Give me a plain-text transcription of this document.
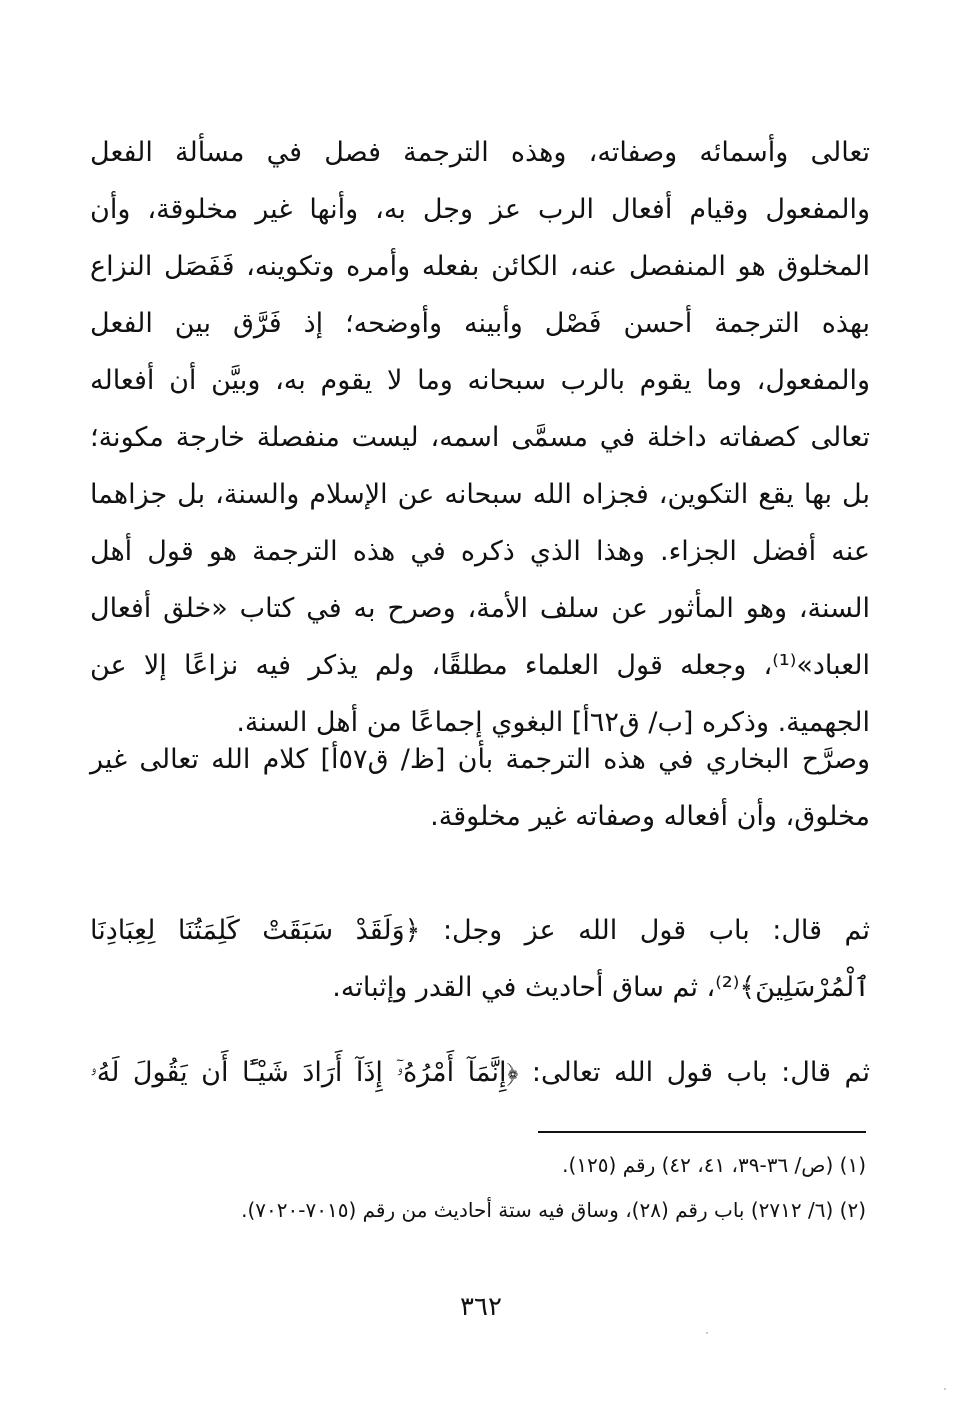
تعالى وأسمائه وصفاته، وهذه الترجمة فصل في مسألة الفعل والمفعول وقيام أفعال الرب عز وجل به، وأنها غير مخلوقة، وأن المخلوق هو المنفصل عنه، الكائن بفعله وأمره وتكوينه، فَفَصَل النزاع بهذه الترجمة أحسن فَصْل وأبينه وأوضحه؛ إذ فَرَّق بين الفعل والمفعول، وما يقوم بالرب سبحانه وما لا يقوم به، وبيَّن أن أفعاله تعالى كصفاته داخلة في مسمَّى اسمه، ليست منفصلة خارجة مكونة؛ بل بها يقع التكوين، فجزاه الله سبحانه عن الإسلام والسنة، بل جزاهما عنه أفضل الجزاء. وهذا الذي ذكره في هذه الترجمة هو قول أهل السنة، وهو المأثور عن سلف الأمة، وصرح به في كتاب «خلق أفعال العباد»⁽¹⁾، وجعله قول العلماء مطلقًا، ولم يذكر فيه نزاعًا إلا عن الجهمية. وذكره [ب/ ق٦٢أ] البغوي إجماعًا من أهل السنة.

وصرَّح البخاري في هذه الترجمة بأن [ظ/ ق٥٧أ] كلام الله تعالى غير مخلوق، وأن أفعاله وصفاته غير مخلوقة.

ثم قال: باب قول الله عز وجل: ﴿وَلَقَدْ سَبَقَتْ كَلِمَتُنَا لِعِبَادِنَا ٱلْمُرْسَلِينَ﴾⁽²⁾، ثم ساق أحاديث في القدر وإثباته.

ثم قال: باب قول الله تعالى: ﴿إِنَّمَآ أَمْرُهُۥٓ إِذَآ أَرَادَ شَيْـًٔا أَن يَقُولَ لَهُۥ

(١) (ص/ ٣٦-٣٩، ٤١، ٤٢) رقم (١٢٥).

(٢) (٦/ ٢٧١٢) باب رقم (٢٨)، وساق فيه ستة أحاديث من رقم (٧٠١٥-٧٠٢٠).

٣٦٢
